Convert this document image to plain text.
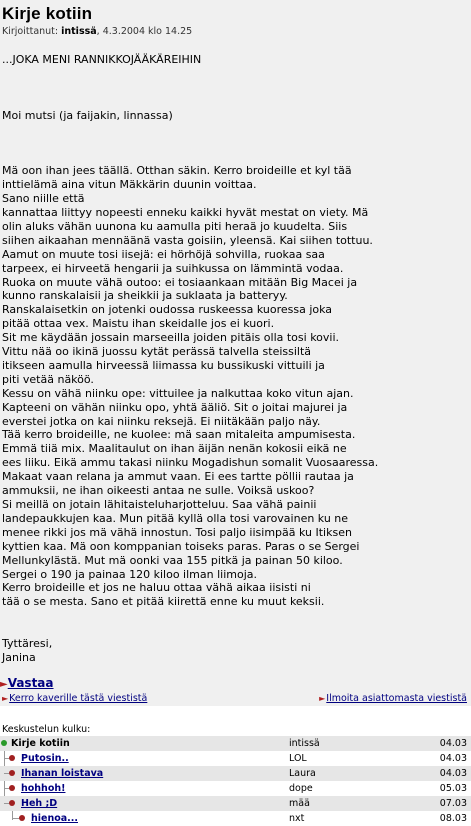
Kirje kotiin
Kirjoittanut: intissä, 4.3.2004 klo 14.25
...JOKA MENI RANNIKKOJÄÄKÄREIHIN

Moi mutsi (ja faijakin, linnassa)

Mä oon ihan jees täällä. Otthan säkin. Kerro broideille et kyl tää
inttielämä aina vitun Mäkkärin duunin voittaa.
Sano niille että
kannattaa liittyy nopeesti enneku kaikki hyvät mestat on viety. Mä
olin aluks vähän uunona ku aamulla piti heraä jo kuudelta. Siis
siihen aikaahan mennäänä vasta goisiin, yleensä. Kai siihen tottuu.
Aamut on muute tosi iisejä: ei hörhöjä sohvilla, ruokaa saa
tarpeex, ei hirveetä hengarii ja suihkussa on lämmintä vodaa.
Ruoka on muute vähä outoo: ei tosiaankaan mitään Big Macei ja
kunno ranskalaisii ja sheikkii ja suklaata ja batteryy.
Ranskalaisetkin on jotenki oudossa ruskeessa kuoressa joka
pitää ottaa vex. Maistu ihan skeidalle jos ei kuori.
Sit me käydään jossain marseeilla joiden pitäis olla tosi kovii.
Vittu nää oo ikinä juossu kytät perässä talvella steissiltä
itikseen aamulla hirveessä liimassa ku bussikuski vittuili ja
piti vetää näköö.
Kessu on vähä niinku ope: vittuilee ja nalkuttaa koko vitun ajan.
Kapteeni on vähän niinku opo, yhtä ääliö. Sit o joitai majurei ja
everstei jotka on kai niinku reksejä. Ei niitäkään paljo näy.
Tää kerro broideille, ne kuolee: mä saan mitaleita ampumisesta.
Emmä tiiä mix. Maalitaulut on ihan äijän nenän kokosii eikä ne
ees liiku. Eikä ammu takasi niinku Mogadishun somalit Vuosaaressa.
Makaat vaan relana ja ammut vaan. Ei ees tartte pöllii rautaa ja
ammuksii, ne ihan oikeesti antaa ne sulle. Voiksä uskoo?
Si meillä on jotain lähitaisteluharjotteluu. Saa vähä painii
landepaukkujen kaa. Mun pitää kyllä olla tosi varovainen ku ne
menee rikki jos mä vähä innostun. Tosi paljo iisimpää ku Itiksen
kyttien kaa. Mä oon komppanian toiseks paras. Paras o se Sergei
Mellunkylästä. Mut mä oonki vaa 155 pitkä ja painan 50 kiloo.
Sergei o 190 ja painaa 120 kiloo ilman liimoja.
Kerro broideille et jos ne haluu ottaa vähä aikaa iisisti ni
tää o se mesta. Sano et pitää kiirettä enne ku muut keksii.

Tyttäresi,
Janina
►Vastaa
►Kerro kaverille tästä viestistä	►Ilmoita asiattomasta viestistä
Keskustelun kulku:
Kirje kotiin	intissä	04.03
Putosin..	LOL	04.03
Ihanan loistava	Laura	04.03
hohhoh!	dope	05.03
Heh ;D	mää	07.03
hienoa...	nxt	08.03
